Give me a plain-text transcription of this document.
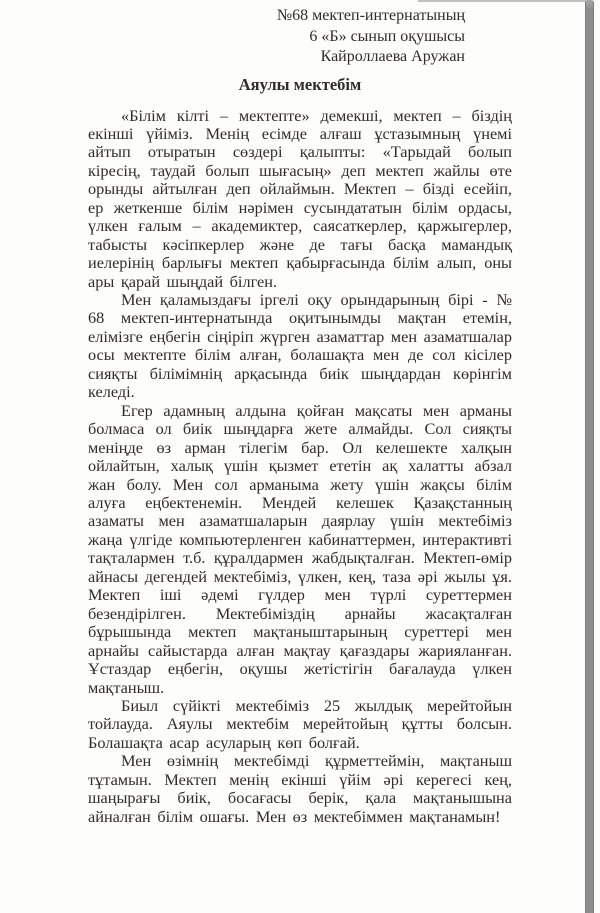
№68 мектеп-интернатының
6 «Б» сынып оқушысы
Кайроллаева Аружан
Аяулы мектебім

«Білім кілті – мектепте» демекші, мектеп – біздің екінші үйіміз. Менің есімде алғаш ұстазымның үнемі айтып отыратын сөздері қалыпты: «Тарыдай болып кіресің, таудай болып шығасың» деп мектеп жайлы өте орынды айтылған деп ойлаймын. Мектеп – бізді есейіп, ер жеткенше білім нәрімен сусындататын білім ордасы, үлкен ғалым – академиктер, саясаткерлер, қаржыгерлер, табысты кәсіпкерлер және де тағы басқа мамандық иелерінің барлығы мектеп қабырғасында білім алып, оны ары қарай шыңдай білген.

Мен қаламыздағы іргелі оқу орындарының бірі - № 68 мектеп-интернатында оқитынымды мақтан етемін, елімізге еңбегін сіңіріп жүрген азаматтар мен азаматшалар осы мектепте білім алған, болашақта мен де сол кісілер сияқты білімімнің арқасында биік шыңдардан көрінгім келеді.

Егер адамның алдына қойған мақсаты мен арманы болмаса ол биік шыңдарға жете алмайды. Сол сияқты меніңде өз арман тілегім бар. Ол келешекте халқын ойлайтын, халық үшін қызмет ететін ақ халатты абзал жан болу. Мен сол арманыма жету үшін жақсы білім алуға еңбектенемін. Мендей келешек Қазақстанның азаматы мен азаматшаларын даярлау үшін мектебіміз жаңа үлгіде компьютерленген кабинаттермен, интерактивті тақталармен т.б. құралдармен жабдықталған. Мектеп-өмір айнасы дегендей мектебіміз, үлкен, кең, таза әрі жылы ұя. Мектеп іші әдемі гүлдер мен түрлі суреттермен безендірілген. Мектебіміздің арнайы жасақталған бұрышында мектеп мақтаныштарының суреттері мен арнайы сайыстарда алған мақтау қағаздары жарияланған. Ұстаздар еңбегін, оқушы жетістігін бағалауда үлкен мақтаныш.

Биыл сүйікті мектебіміз 25 жылдық мерейтойын тойлауда. Аяулы мектебім мерейтойың құтты болсын. Болашақта асар асуларың көп болғай.

Мен өзімнің мектебімді құрметтеймін, мақтаныш тұтамын. Мектеп менің екінші үйім әрі керегесі кең, шаңырағы биік, босағасы берік, қала мақтанышына айналған білім ошағы. Мен өз мектебіммен мақтанамын!
